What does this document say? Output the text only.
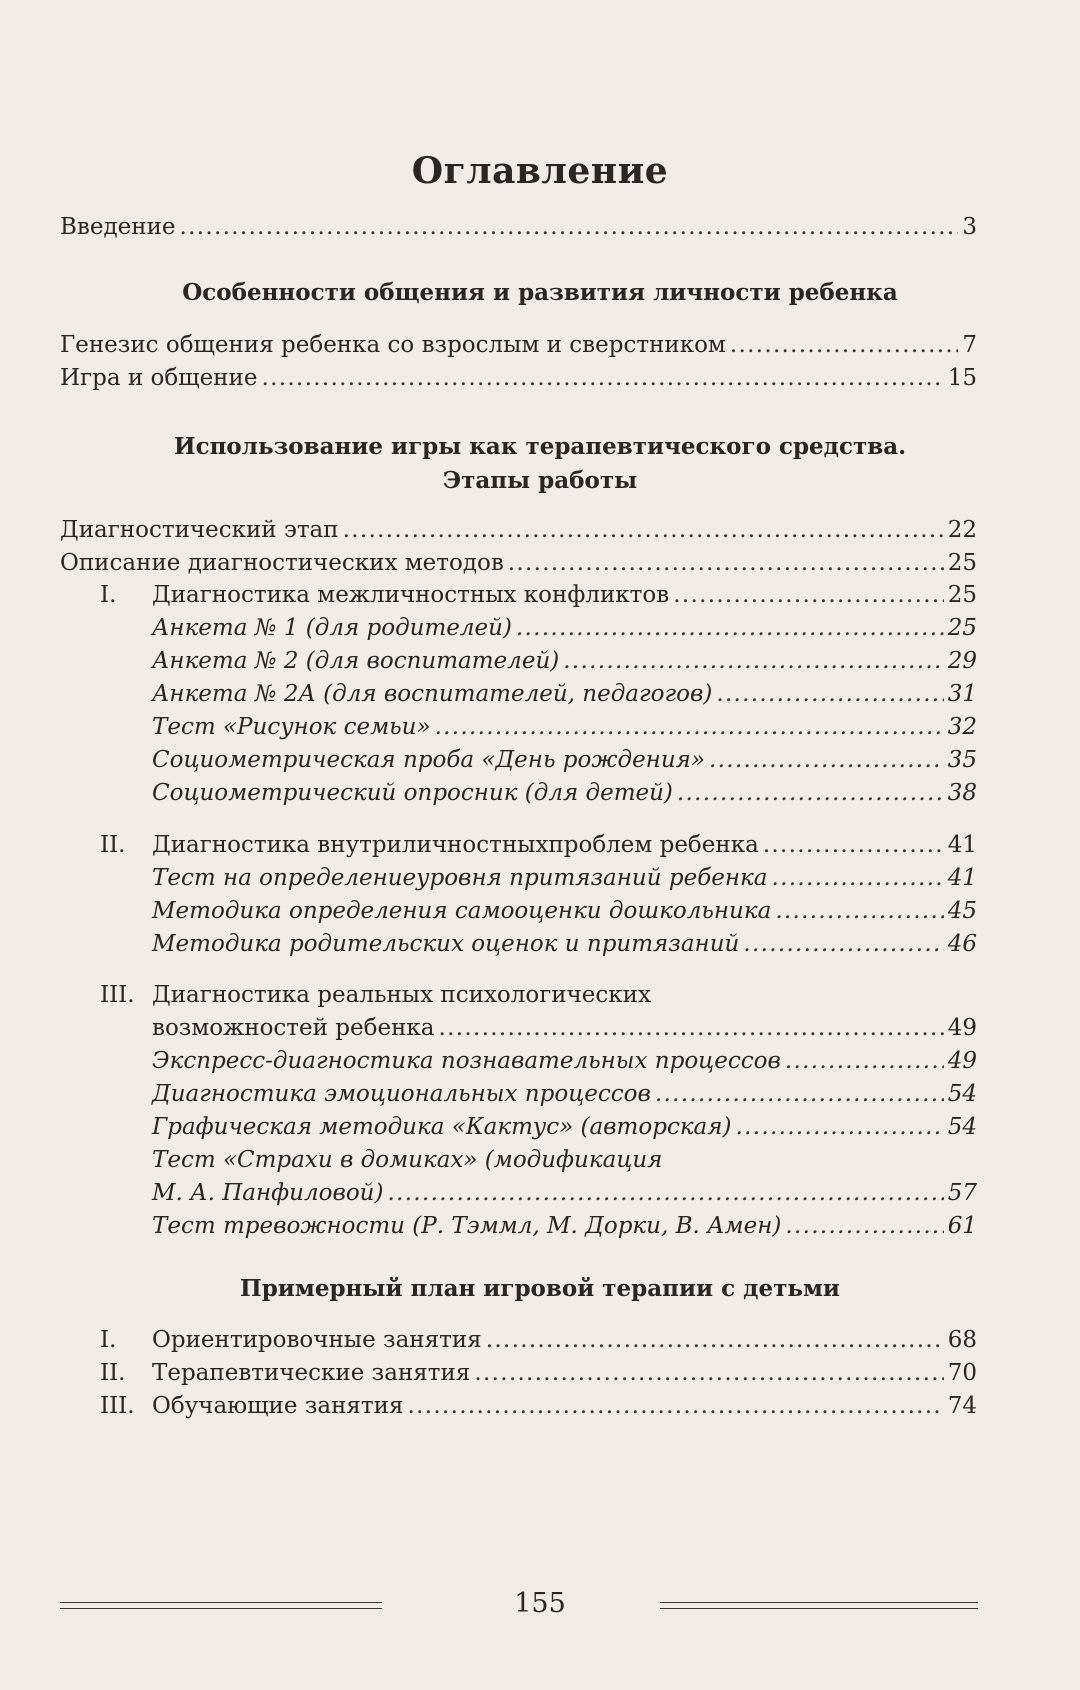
Оглавление
Введение . . .	3
Особенности общения и развития личности ребенка
Генезис общения ребенка со взрослым и сверстником . . .	7
Игра и общение . . .	15
Использование игры как терапевтического средства.
Этапы работы
Диагностический этап . . .	22
Описание диагностических методов . . .	25
I. Диагностика межличностных конфликтов . . .	25
Анкета № 1 (для родителей) . . .	25
Анкета № 2 (для воспитателей) . . .	29
Анкета № 2А (для воспитателей, педагогов) . . .	31
Тест «Рисунок семьи» . . .	32
Социометрическая проба «День рождения» . . .	35
Социометрический опросник (для детей) . . .	38
II. Диагностика внутриличностныхпроблем ребенка . . .	41
Тест на определениеуровня притязаний ребенка . . .	41
Методика определения самооценки дошкольника . . .	45
Методика родительских оценок и притязаний . . .	46
III. Диагностика реальных психологических
возможностей ребенка . . .	49
Экспресс-диагностика познавательных процессов . . .	49
Диагностика эмоциональных процессов . . .	54
Графическая методика «Кактус» (авторская) . . .	54
Тест «Страхи в домиках» (модификация
М. А. Панфиловой) . . .	57
Тест тревожности (Р. Тэммл, М. Дорки, В. Амен) . . .	61
Примерный план игровой терапии с детьми
I. Ориентировочные занятия . . .	68
II. Терапевтические занятия . . .	70
III. Обучающие занятия . . .	74
155
